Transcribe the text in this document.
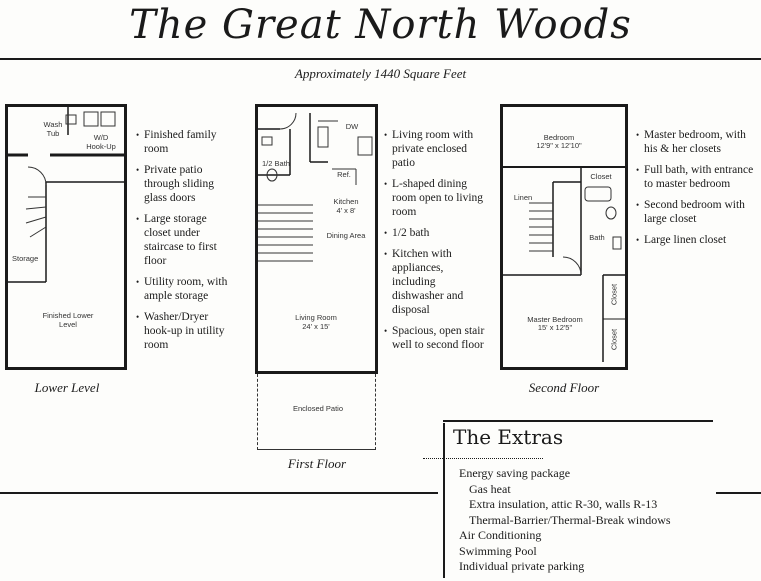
The Great North Woods
Approximately 1440 Square Feet
Wash Tub	W/D Hook-Up
Storage
Finished Lower Level
• Finished family room
• Private patio through sliding glass doors
• Large storage closet under staircase to first floor
• Utility room, with ample storage
• Washer/Dryer hook-up in utility room
Lower Level
DW
1/2 Bath
Ref.
Kitchen
4' x 8'
Dining Area
Living Room
24' x 15'
Enclosed Patio
• Living room with private enclosed patio
• L-shaped dining room open to living room
• 1/2 bath
• Kitchen with appliances, including dishwasher and disposal
• Spacious, open stair well to second floor
First Floor
Bedroom
12'9" x 12'10"
Closet
Linen
Bath
Closet
Closet
Master Bedroom
15' x 12'5"
• Master bedroom, with his & her closets
• Full bath, with entrance to master bedroom
• Second bedroom with large closet
• Large linen closet
Second Floor
The Extras
Energy saving package
Gas heat
Extra insulation, attic R-30, walls R-13
Thermal-Barrier/Thermal-Break windows
Air Conditioning
Swimming Pool
Individual private parking
